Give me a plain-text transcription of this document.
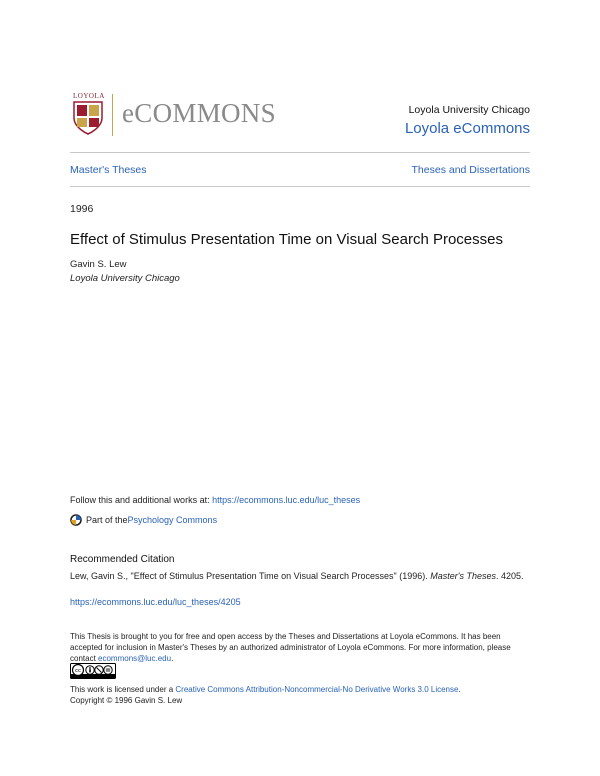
LOYOLA
eCOMMONS	Loyola University Chicago
Loyola eCommons
Master's Theses	Theses and Dissertations
1996
Effect of Stimulus Presentation Time on Visual Search Processes
Gavin S. Lew
Loyola University Chicago
Follow this and additional works at: https://ecommons.luc.edu/luc_theses
Part of the Psychology Commons
Recommended Citation
Lew, Gavin S., "Effect of Stimulus Presentation Time on Visual Search Processes" (1996). Master's Theses. 4205.
https://ecommons.luc.edu/luc_theses/4205
This Thesis is brought to you for free and open access by the Theses and Dissertations at Loyola eCommons. It has been accepted for inclusion in Master's Theses by an authorized administrator of Loyola eCommons. For more information, please contact ecommons@luc.edu.
cc
This work is licensed under a Creative Commons Attribution-Noncommercial-No Derivative Works 3.0 License.
Copyright © 1996 Gavin S. Lew
